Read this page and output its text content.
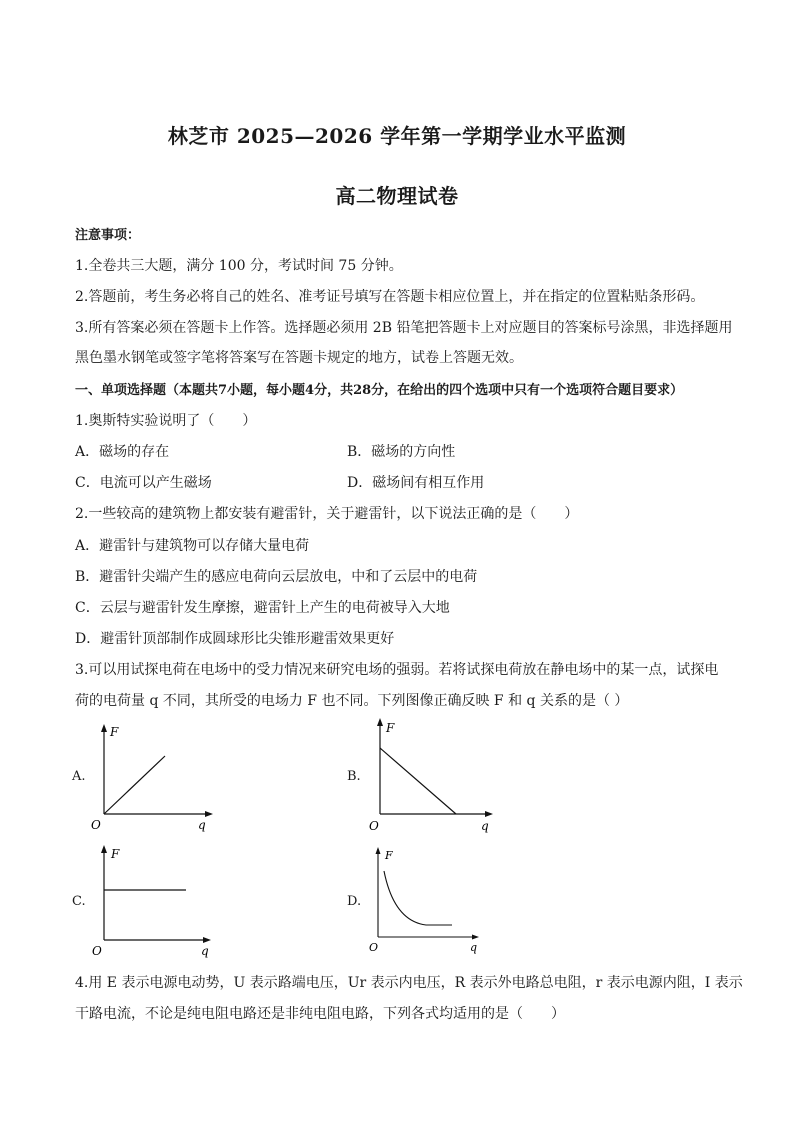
林芝市 2025—2026 学年第一学期学业水平监测
高二物理试卷
注意事项：
1.全卷共三大题，满分 100 分，考试时间 75 分钟。
2.答题前，考生务必将自己的姓名、准考证号填写在答题卡相应位置上，并在指定的位置粘贴条形码。
3.所有答案必须在答题卡上作答。选择题必须用 2B 铅笔把答题卡上对应题目的答案标号涂黑，非选择题用
黑色墨水钢笔或签字笔将答案写在答题卡规定的地方，试卷上答题无效。
一、单项选择题（本题共7小题，每小题4分，共28分，在给出的四个选项中只有一个选项符合题目要求）
1.奥斯特实验说明了（　　）
A．磁场的存在	B．磁场的方向性
C．电流可以产生磁场	D．磁场间有相互作用
2.一些较高的建筑物上都安装有避雷针，关于避雷针，以下说法正确的是（　　）
A．避雷针与建筑物可以存储大量电荷
B．避雷针尖端产生的感应电荷向云层放电，中和了云层中的电荷
C．云层与避雷针发生摩擦，避雷针上产生的电荷被导入大地
D．避雷针顶部制作成圆球形比尖锥形避雷效果更好
3.可以用试探电荷在电场中的受力情况来研究电场的强弱。若将试探电荷放在静电场中的某一点，试探电
荷的电荷量 q 不同，其所受的电场力 F 也不同。下列图像正确反映 F 和 q 关系的是（ ）
A.
F
q
O
B.
F
q
O
C.
F
q
O
D.
F
q
O
4.用 E 表示电源电动势，U 表示路端电压，Ur 表示内电压，R 表示外电路总电阻，r 表示电源内阻，I 表示
干路电流，不论是纯电阻电路还是非纯电阻电路，下列各式均适用的是（　　）
